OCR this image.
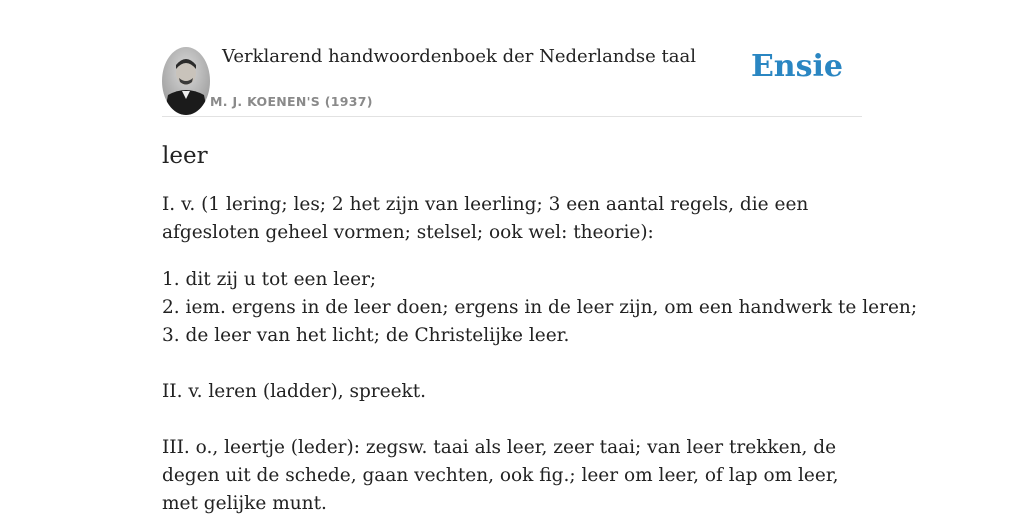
Verklarend handwoordenboek der Nederlandse taal
M. J. KOENEN'S (1937)
Ensie
leer

I. v. (1 lering; les; 2 het zijn van leerling; 3 een aantal regels, die een afgesloten geheel vormen; stelsel; ook wel: theorie):

1. dit zij u tot een leer;
2. iem. ergens in de leer doen; ergens in de leer zijn, om een handwerk te leren;
3. de leer van het licht; de Christelijke leer.

II. v. leren (ladder), spreekt.

III. o., leertje (leder): zegsw. taai als leer, zeer taai; van leer trekken, de degen uit de schede, gaan vechten, ook fig.; leer om leer, of lap om leer, met gelijke munt.
